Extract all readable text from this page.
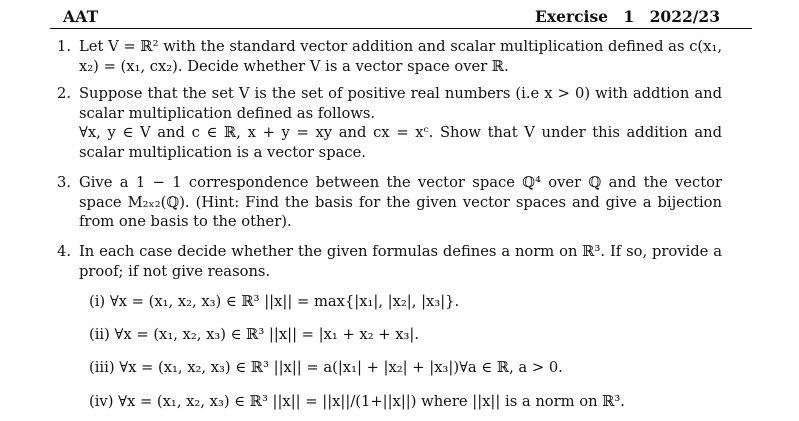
AAT	Exercise 1 2022/23
1. Let V = ℝ² with the standard vector addition and scalar multiplication defined as c(x₁, x₂) = (x₁, cx₂). Decide whether V is a vector space over ℝ.

2. Suppose that the set V is the set of positive real numbers (i.e x > 0) with addtion and scalar multiplication defined as follows.

∀x, y ∈ V and c ∈ ℝ, x + y = xy and cx = xᶜ. Show that V under this addition and scalar multiplication is a vector space.

3. Give a 1 − 1 correspondence between the vector space ℚ⁴ over ℚ and the vector space M₂ₓ₂(ℚ). (Hint: Find the basis for the given vector spaces and give a bijection from one basis to the other).

4. In each case decide whether the given formulas defines a norm on ℝ³. If so, provide a proof; if not give reasons.

(i) ∀x = (x₁, x₂, x₃) ∈ ℝ³ ||x|| = max{|x₁|, |x₂|, |x₃|}.
(ii) ∀x = (x₁, x₂, x₃) ∈ ℝ³ ||x|| = |x₁ + x₂ + x₃|.
(iii) ∀x = (x₁, x₂, x₃) ∈ ℝ³ ||x|| = a(|x₁| + |x₂| + |x₃|)∀a ∈ ℝ, a > 0.
(iv) ∀x = (x₁, x₂, x₃) ∈ ℝ³ ||x|| = ||x||/(1+||x||) where ||x|| is a norm on ℝ³.
